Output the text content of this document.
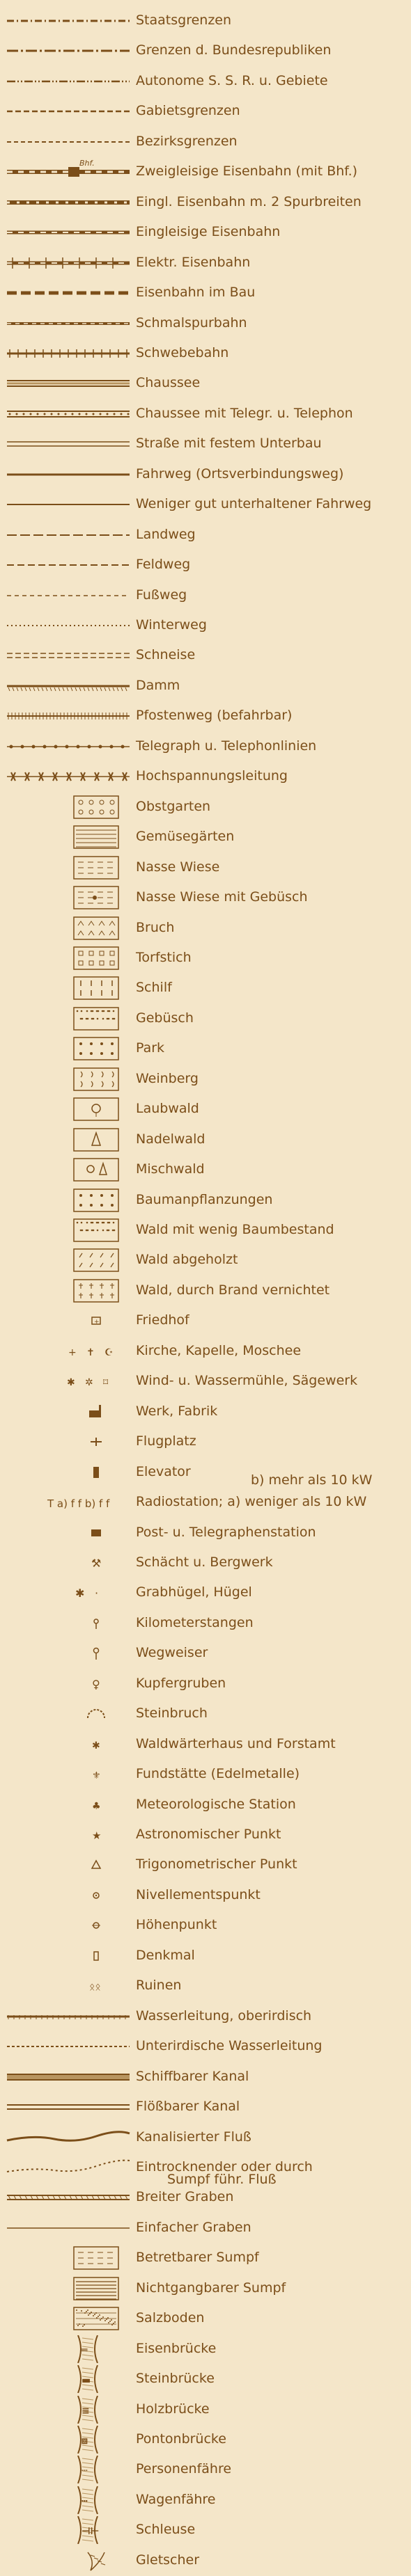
Staatsgrenzen
Grenzen d. Bundesrepubliken
Autonome S. S. R. u. Gebiete
Gabietsgrenzen
Bezirksgrenzen
Bhf.
Zweigleisige Eisenbahn (mit Bhf.)
Eingl. Eisenbahn m. 2 Spurbreiten
Eingleisige Eisenbahn
Elektr. Eisenbahn
Eisenbahn im Bau
Schmalspurbahn
Schwebebahn
Chaussee
Chaussee mit Telegr. u. Telephon
Straße mit festem Unterbau
Fahrweg (Ortsverbindungsweg)
Weniger gut unterhaltener Fahrweg
Landweg
Feldweg
Fußweg
Winterweg
Schneise
Damm
Pfostenweg (befahrbar)
Telegraph u. Telephonlinien
Hochspannungsleitung
Obstgarten
Gemüsegärten
Nasse Wiese
Nasse Wiese mit Gebüsch
Bruch
Torfstich
Schilf
Gebüsch
Park
Weinberg
Laubwald
Nadelwald
Mischwald
Baumanpflanzungen
Wald mit wenig Baumbestand
Wald abgeholzt
Wald, durch Brand vernichtet
+	Friedhof
+ ✝ ☪ Kirche, Kapelle, Moschee
✱ ✲ ⌑ Wind- u. Wassermühle, Sägewerk
Werk, Fabrik
Flugplatz
Elevator
b) mehr als 10 kW
T a) f f b) f f Radiostation; a) weniger als 10 kW
Post- u. Telegraphenstation
⚒	Schächt u. Bergwerk
✱ ·	Grabhügel, Hügel
Kilometerstangen
Wegweiser
♀	Kupfergruben
Steinbruch
✱	Waldwärterhaus und Forstamt
⚜	Fundstätte (Edelmetalle)
♣	Meteorologische Station
★	Astronomischer Punkt
Trigonometrischer Punkt
Nivellementspunkt
Höhenpunkt
Denkmal
ᛟᛟ	Ruinen
Wasserleitung, oberirdisch
Unterirdische Wasserleitung
Schiffbarer Kanal
Flößbarer Kanal
Kanalisierter Fluß
Eintrocknender oder durch
Sumpf führ. Fluß
Breiter Graben
Einfacher Graben
Betretbarer Sumpf
Nichtgangbarer Sumpf
Salzboden
═	Eisenbrücke
▬	Steinbrücke
≡	Holzbrücke
⧈	Pontonbrücke
┄	Personenfähre
┅	Wagenfähre
⊣⊢	Schleuse
Gletscher
